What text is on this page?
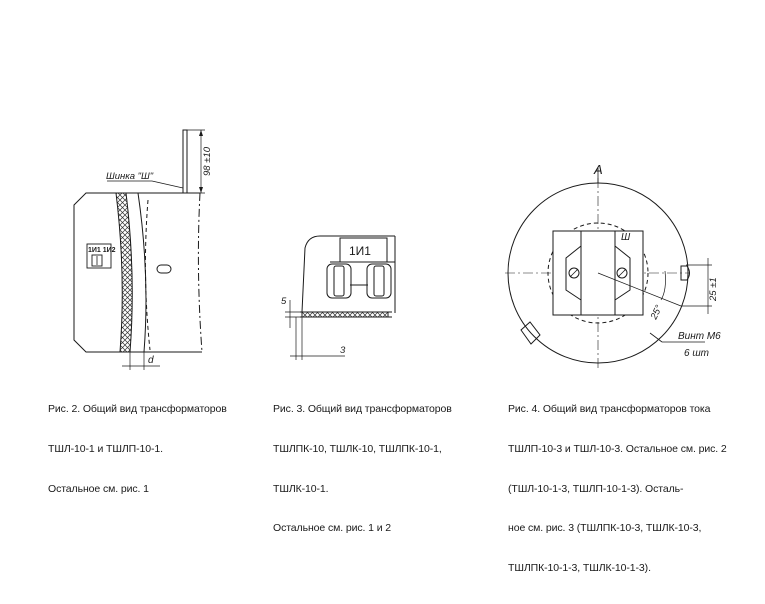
Шинка "Ш"
98 ±10
1И1 1И2
d
1И1
5
3
А
Ш
25°
25 ±1
Винт М6
6 шт

Рис. 2. Общий вид трансформаторов

ТШЛ-10-1 и ТШЛП-10-1.

Остальное см. рис. 1

Рис. 3. Общий вид трансформаторов

ТШЛПК-10, ТШЛК-10, ТШЛПК-10-1,

ТШЛК-10-1.

Остальное см. рис. 1 и 2

Рис. 4. Общий вид трансформаторов тока

ТШЛП-10-3 и ТШЛ-10-3. Остальное см. рис. 2

(ТШЛ-10-1-3, ТШЛП-10-1-3). Осталь-

ное см. рис. 3 (ТШЛПК-10-3, ТШЛК-10-3,

ТШЛПК-10-1-3, ТШЛК-10-1-3).
